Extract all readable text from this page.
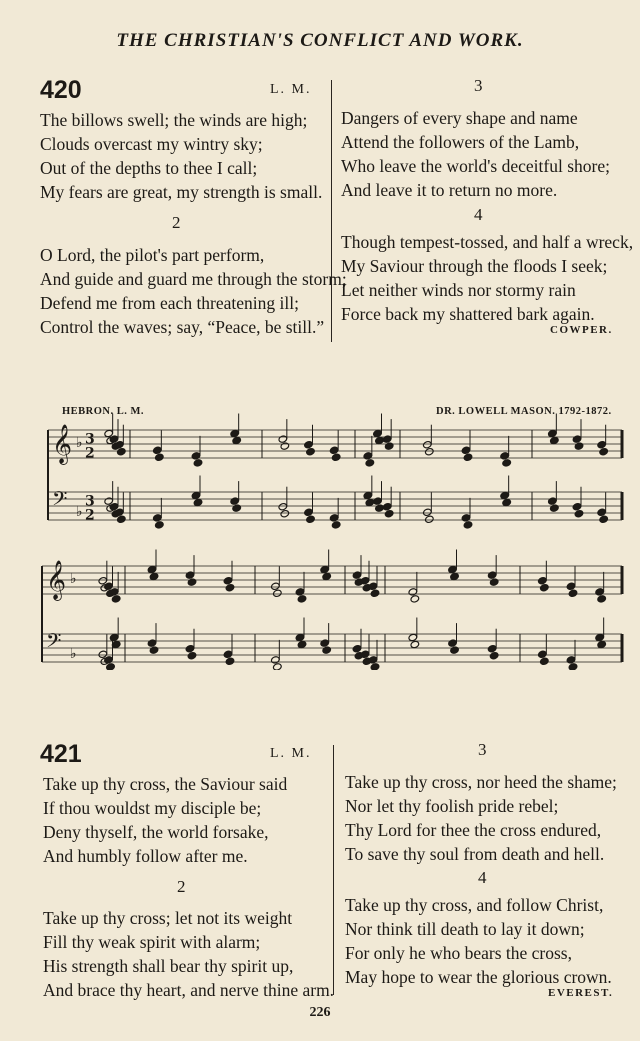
THE CHRISTIAN'S CONFLICT AND WORK.
420	L. M.
The billows swell; the winds are high;
Clouds overcast my wintry sky;
Out of the depths to thee I call;
My fears are great, my strength is small.
2
O Lord, the pilot's part perform,
And guide and guard me through the storm;
Defend me from each threatening ill;
Control the waves; say, “Peace, be still.”
3
Dangers of every shape and name
Attend the followers of the Lamb,
Who leave the world's deceitful shore;
And leave it to return no more.
4
Though tempest-tossed, and half a wreck,
My Saviour through the floods I seek;
Let neither winds nor stormy rain
Force back my shattered bark again.
COWPER.
HEBRON. L. M.	DR. LOWELL MASON. 1792-1872.
𝄞 ♭ 3
2
𝄢 ♭
3
2
𝄞 ♭
𝄢 ♭
421	L. M.
Take up thy cross, the Saviour said
If thou wouldst my disciple be;
Deny thyself, the world forsake,
And humbly follow after me.
2
Take up thy cross; let not its weight
Fill thy weak spirit with alarm;
His strength shall bear thy spirit up,
And brace thy heart, and nerve thine arm.
3
Take up thy cross, nor heed the shame;
Nor let thy foolish pride rebel;
Thy Lord for thee the cross endured,
To save thy soul from death and hell.
4
Take up thy cross, and follow Christ,
Nor think till death to lay it down;
For only he who bears the cross,
May hope to wear the glorious crown.
EVEREST.
226
